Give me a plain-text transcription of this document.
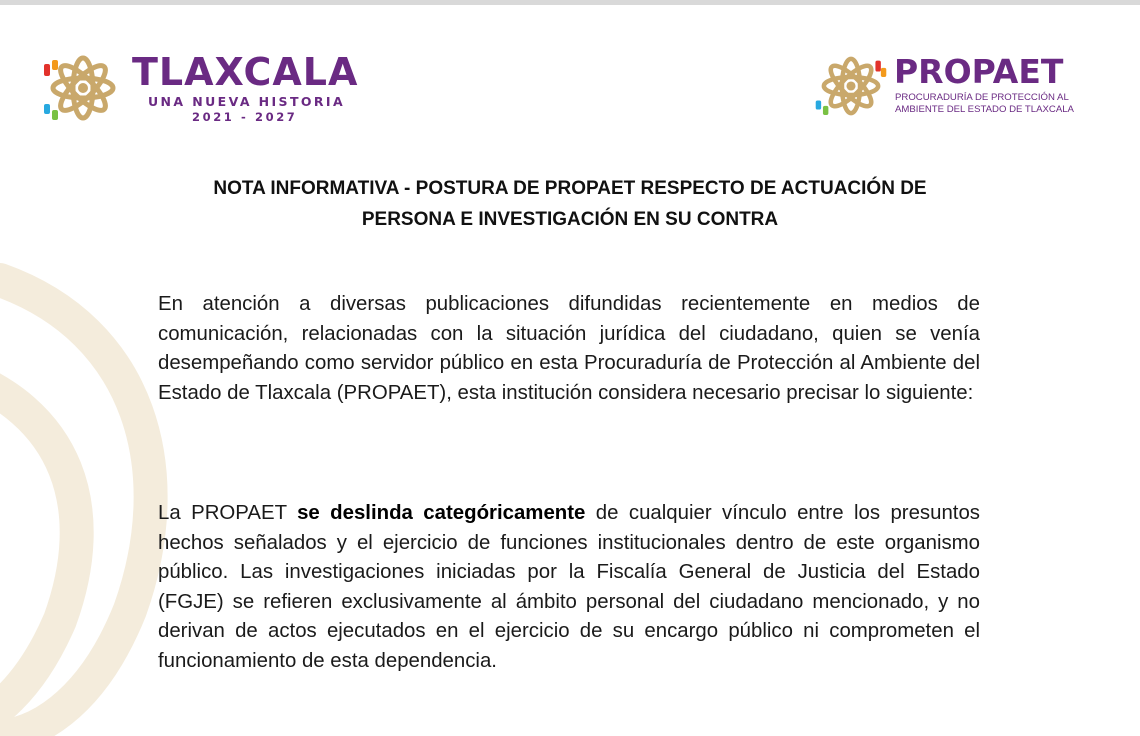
TLAXCALA
UNA NUEVA HISTORIA
2021 - 2027
PROPAET
PROCURADURÍA DE PROTECCIÓN AL
AMBIENTE DEL ESTADO DE TLAXCALA
NOTA INFORMATIVA - POSTURA DE PROPAET RESPECTO DE ACTUACIÓN DE
PERSONA E INVESTIGACIÓN EN SU CONTRA

En atención a diversas publicaciones difundidas recientemente en medios de comunicación, relacionadas con la situación jurídica del ciudadano, quien se venía desempeñando como servidor público en esta Procuraduría de Protección al Ambiente del Estado de Tlaxcala (PROPAET), esta institución considera necesario precisar lo siguiente:

La PROPAET se deslinda categóricamente de cualquier vínculo entre los presuntos hechos señalados y el ejercicio de funciones institucionales dentro de este organismo público. Las investigaciones iniciadas por la Fiscalía General de Justicia del Estado (FGJE) se refieren exclusivamente al ámbito personal del ciudadano mencionado, y no derivan de actos ejecutados en el ejercicio de su encargo público ni comprometen el funcionamiento de esta dependencia.
